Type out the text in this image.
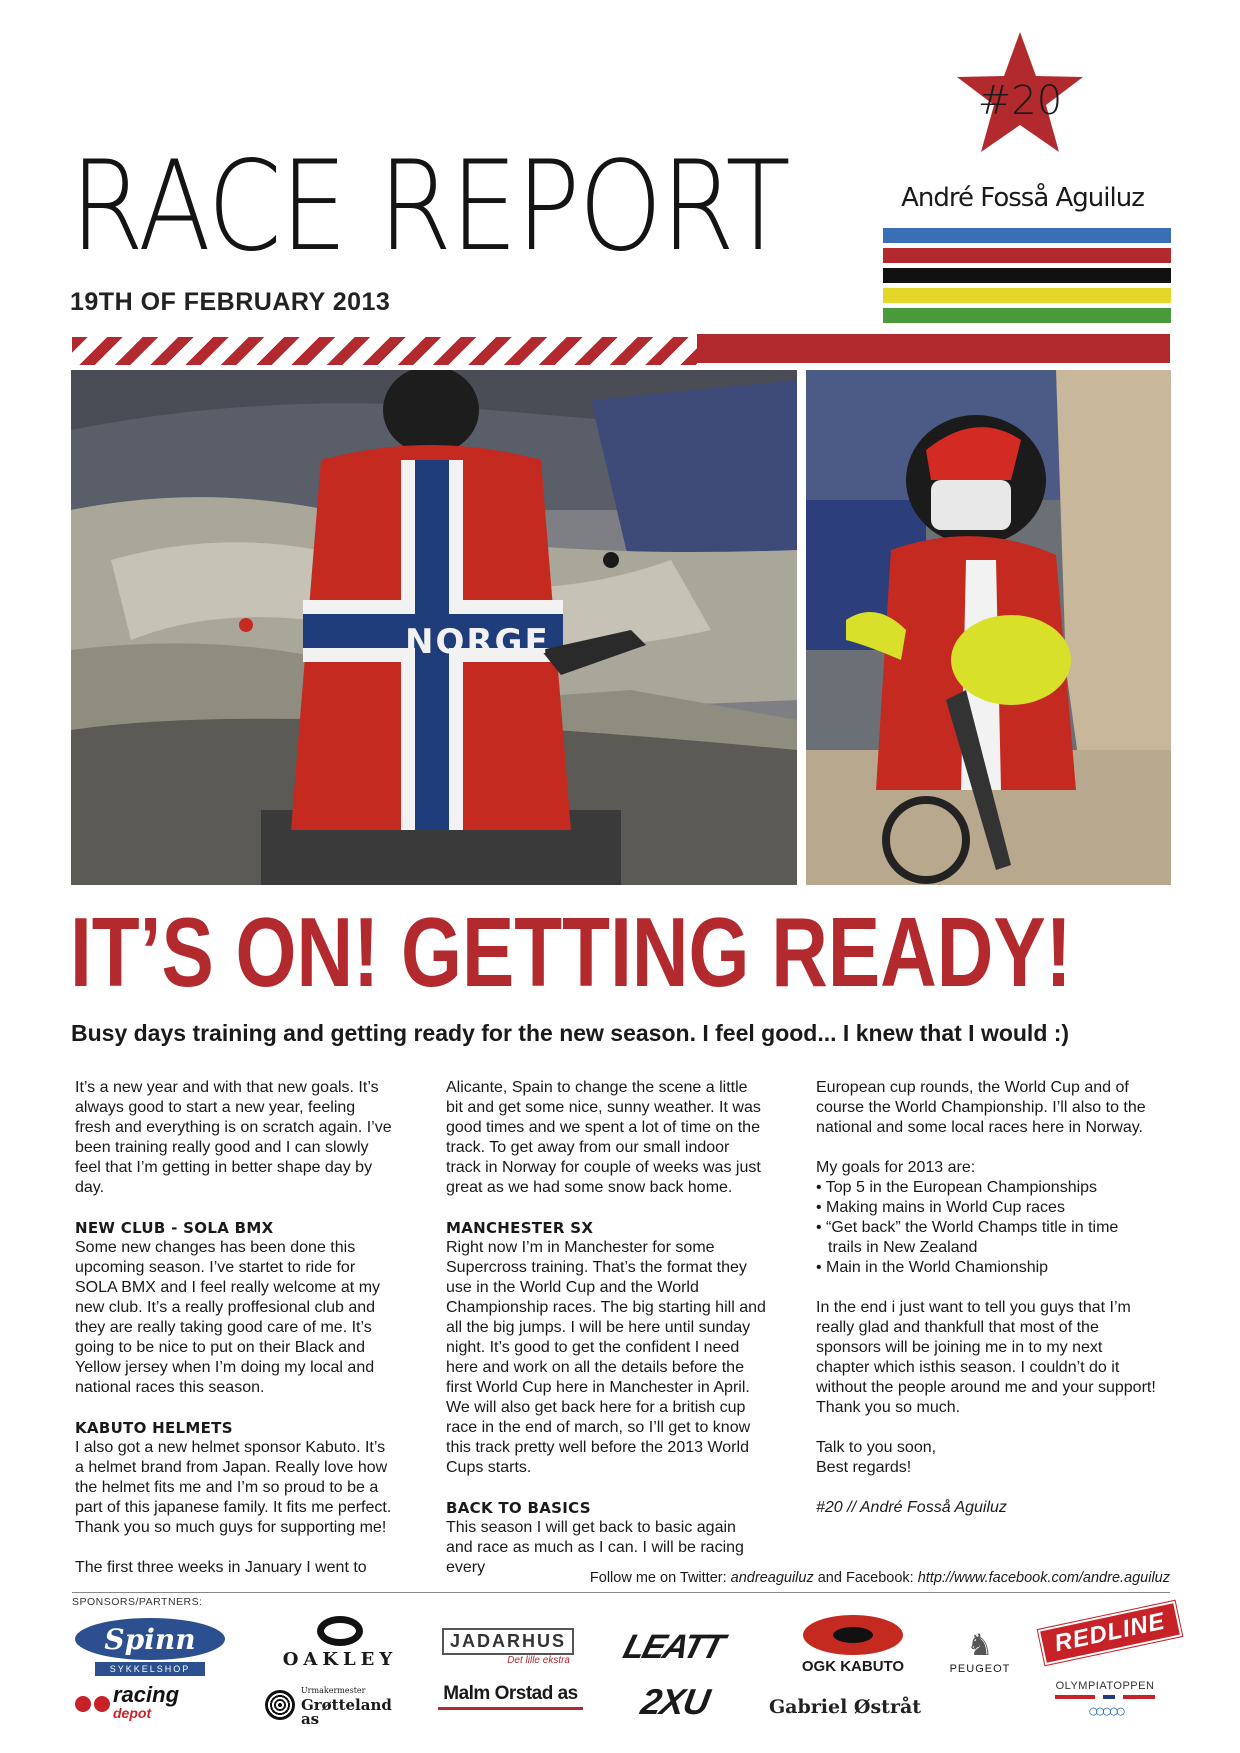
RACE REPORT
19TH OF FEBRUARY 2013
#20
André Fosså Aguiluz
NORGE
IT’S ON! GETTING READY!
Busy days training and getting ready for the new season. I feel good... I knew that I would :)

It’s a new year and with that new goals. It’s always good to start a new year, feeling fresh and everything is on scratch again. I’ve been training really good and I can slowly feel that I’m getting in better shape day by day.

NEW CLUB - SOLA BMX

Some new changes has been done this upcoming season. I’ve startet to ride for SOLA BMX and I feel really welcome at my new club. It’s a really proffesional club and they are really taking good care of me. It’s going to be nice to put on their Black and Yellow jersey when I’m doing my local and national races this season.

KABUTO HELMETS

I also got a new helmet sponsor Kabuto. It’s a helmet brand from Japan. Really love how the helmet fits me and I’m so proud to be a part of this japanese family. It fits me perfect. Thank you so much guys for supporting me!

The first three weeks in January I went to

Alicante, Spain to change the scene a little bit and get some nice, sunny weather. It was good times and we spent a lot of time on the track. To get away from our small indoor track in Norway for couple of weeks was just great as we had some snow back home.

MANCHESTER SX

Right now I’m in Manchester for some Supercross training. That’s the format they use in the World Cup and the World Championship races. The big starting hill and all the big jumps. I will be here until sunday night. It’s good to get the confident I need here and work on all the details before the first World Cup here in Manchester in April. We will also get back here for a british cup race in the end of march, so I’ll get to know this track pretty well before the 2013 World Cups starts.

BACK TO BASICS

This season I will get back to basic again and race as much as I can. I will be racing every

European cup rounds, the World Cup and of course the World Championship. I’ll also to the national and some local races here in Norway.

My goals for 2013 are:
• Top 5 in the European Championships
• Making mains in World Cup races
• “Get back” the World Champs title in time trails in New Zealand
• Main in the World Chamionship

In the end i just want to tell you guys that I’m really glad and thankfull that most of the sponsors will be joining me in to my next chapter which isthis season. I couldn’t do it without the people around me and your support! Thank you so much.

Talk to you soon,

Best regards!

#20 // André Fosså Aguiluz

Follow me on Twitter: andreaguiluz and Facebook: http://www.facebook.com/andre.aguiluz
SPONSORS/PARTNERS:
Spinn
SYKKELSHOP	OAKLEY
JADARHUS
Det lille ekstra LEATT
OGK KABUTO
♞
PEUGEOT
REDLINE
racing
depot
Urmakermester
Grøtteland as
Malm Orstad as	2XU	Gabriel Østråt
OLYMPIATOPPEN
○○○○○
